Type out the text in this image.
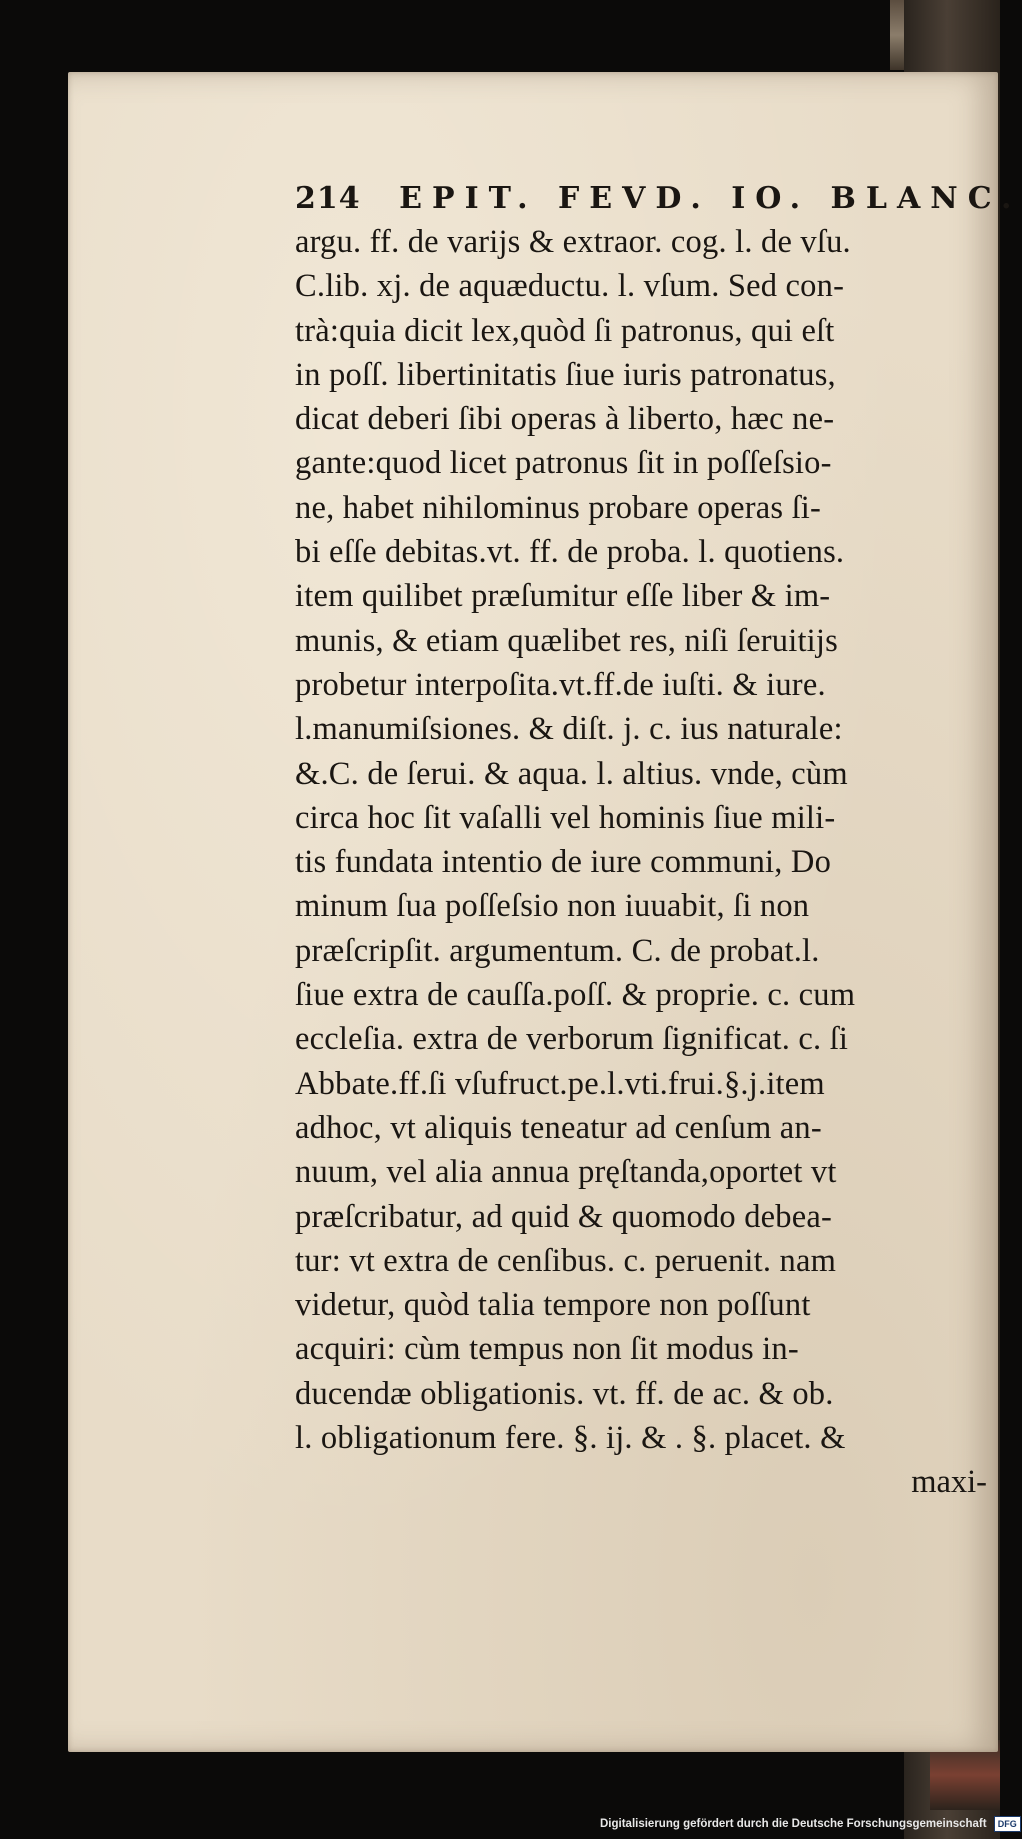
214 EPIT. FEVD. IO. BLANC.
argu. ff. de varijs & extraor. cog. l. de vſu.
C.lib. xj. de aquæductu. l. vſum. Sed con-
trà:quia dicit lex,quòd ſi patronus, qui eſt
in poſſ. libertinitatis ſiue iuris patronatus,
dicat deberi ſibi operas à liberto, hæc ne-
gante:quod licet patronus ſit in poſſeſsio-
ne, habet nihilominus probare operas ſi-
bi eſſe debitas.vt. ff. de proba. l. quotiens.
item quilibet præſumitur eſſe liber & im-
munis, & etiam quælibet res, niſi ſeruitijs
probetur interpoſita.vt.ff.de iuſti. & iure.
l.manumiſsiones. & diſt. j. c. ius naturale:
&.C. de ſerui. & aqua. l. altius. vnde, cùm
circa hoc ſit vaſalli vel hominis ſiue mili-
tis fundata intentio de iure communi, Do
minum ſua poſſeſsio non iuuabit, ſi non
præſcripſit. argumentum. C. de probat.l.
ſiue extra de cauſſa.poſſ. & proprie. c. cum
eccleſia. extra de verborum ſignificat. c. ſi
Abbate.ff.ſi vſufruct.pe.l.vti.frui.§.j.item
adhoc, vt aliquis teneatur ad cenſum an-
nuum, vel alia annua pręſtanda,oportet vt
præſcribatur, ad quid & quomodo debea-
tur: vt extra de cenſibus. c. peruenit. nam
videtur, quòd talia tempore non poſſunt
acquiri: cùm tempus non ſit modus in-
ducendæ obligationis. vt. ff. de ac. & ob.
l. obligationum fere. §. ij. & . §. placet. &
maxi-
Digitalisierung gefördert durch die Deutsche Forschungsgemeinschaft DFG
